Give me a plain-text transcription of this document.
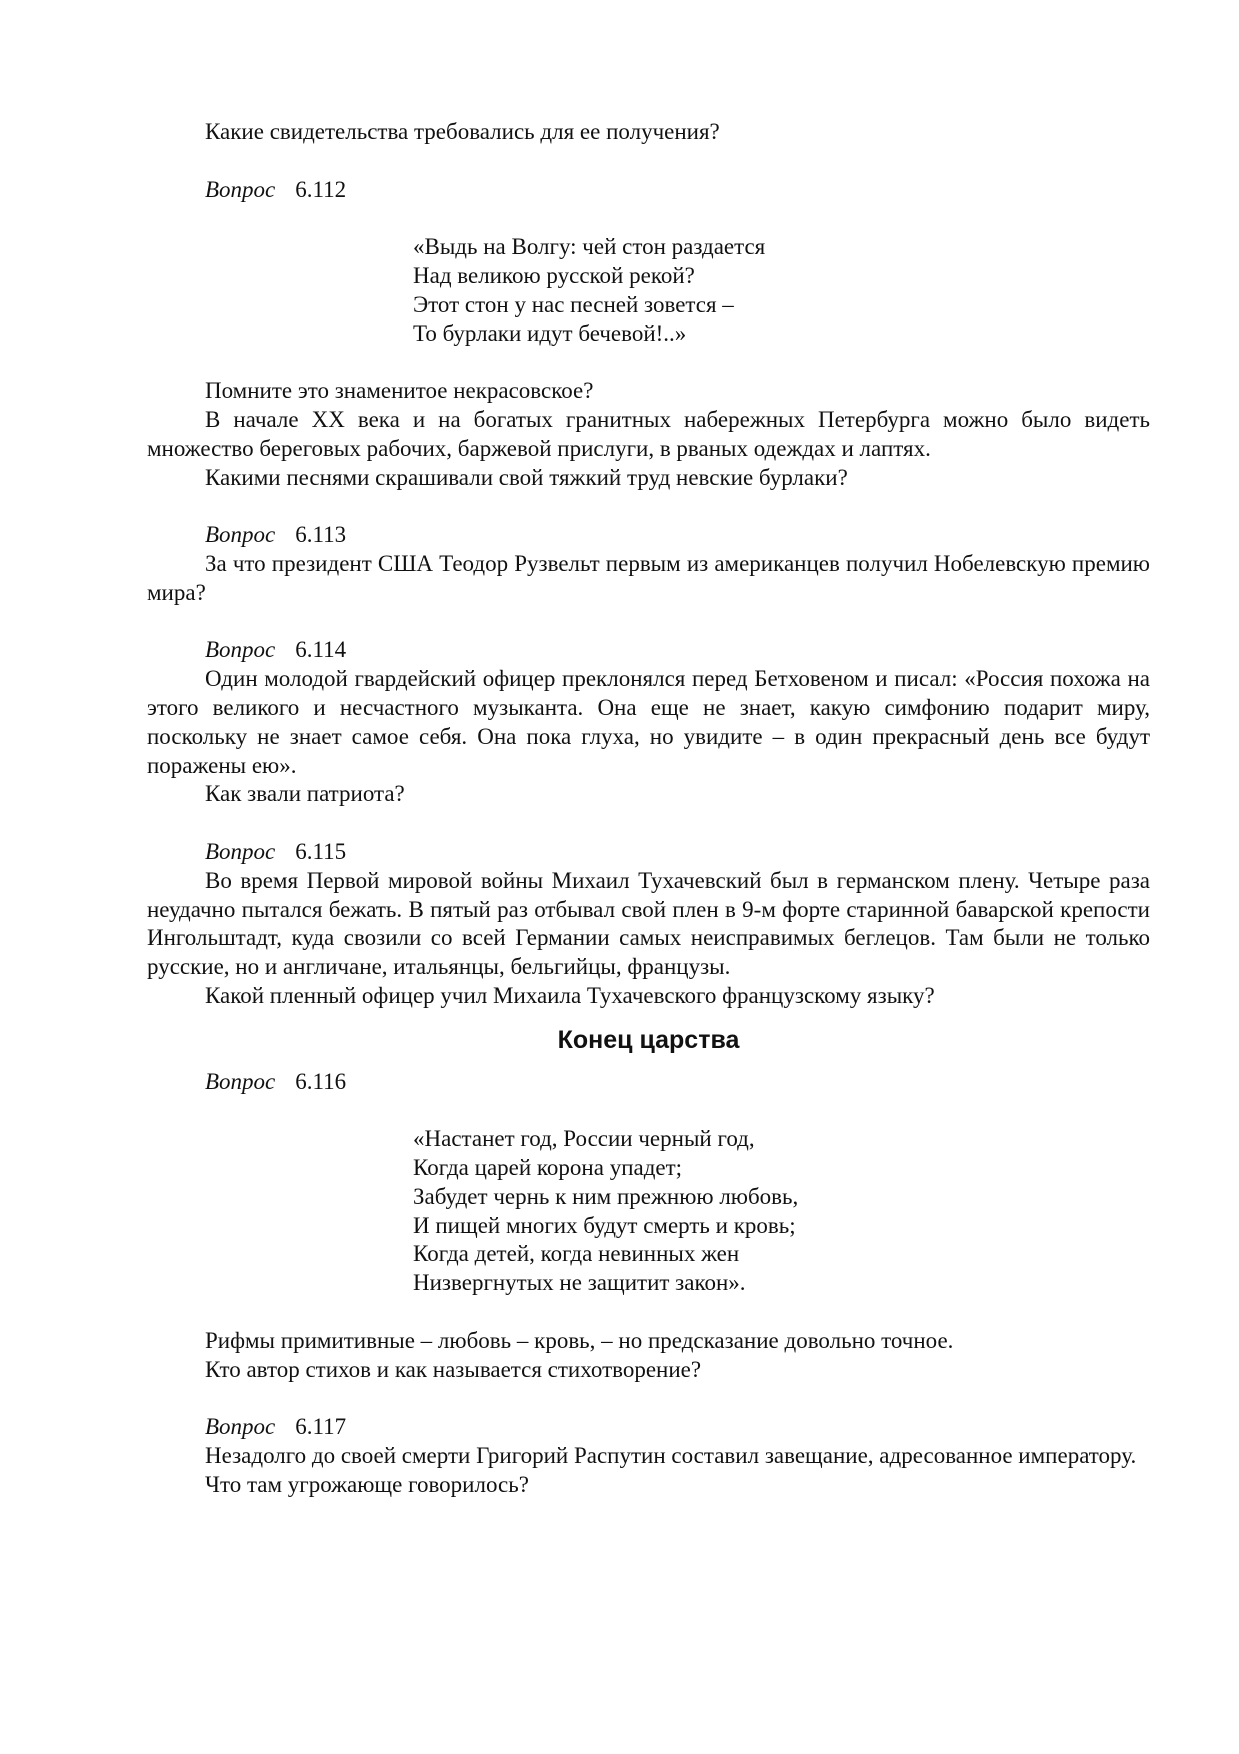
Какие свидетельства требовались для ее получения?

Вопрос 6.112

«Выдь на Волгу: чей стон раздается
Над великою русской рекой?
Этот стон у нас песней зовется –
То бурлаки идут бечевой!..»

Помните это знаменитое некрасовское?

В начале XX века и на богатых гранитных набережных Петербурга можно было видеть множество береговых рабочих, баржевой прислуги, в рваных одеждах и лаптях.

Какими песнями скрашивали свой тяжкий труд невские бурлаки?

Вопрос 6.113

За что президент США Теодор Рузвельт первым из американцев получил Нобелевскую премию мира?

Вопрос 6.114

Один молодой гвардейский офицер преклонялся перед Бетховеном и писал: «Россия похожа на этого великого и несчастного музыканта. Она еще не знает, какую симфонию подарит миру, поскольку не знает самое себя. Она пока глуха, но увидите – в один прекрасный день все будут поражены ею».

Как звали патриота?

Вопрос 6.115

Во время Первой мировой войны Михаил Тухачевский был в германском плену. Четыре раза неудачно пытался бежать. В пятый раз отбывал свой плен в 9-м форте старинной баварской крепости Ингольштадт, куда свозили со всей Германии самых неисправимых беглецов. Там были не только русские, но и англичане, итальянцы, бельгийцы, французы.

Какой пленный офицер учил Михаила Тухачевского французскому языку?

Конец царства

Вопрос 6.116

«Настанет год, России черный год,
Когда царей корона упадет;
Забудет чернь к ним прежнюю любовь,
И пищей многих будут смерть и кровь;
Когда детей, когда невинных жен
Низвергнутых не защитит закон».

Рифмы примитивные – любовь – кровь, – но предсказание довольно точное.

Кто автор стихов и как называется стихотворение?

Вопрос 6.117

Незадолго до своей смерти Григорий Распутин составил завещание, адресованное императору.

Что там угрожающе говорилось?
